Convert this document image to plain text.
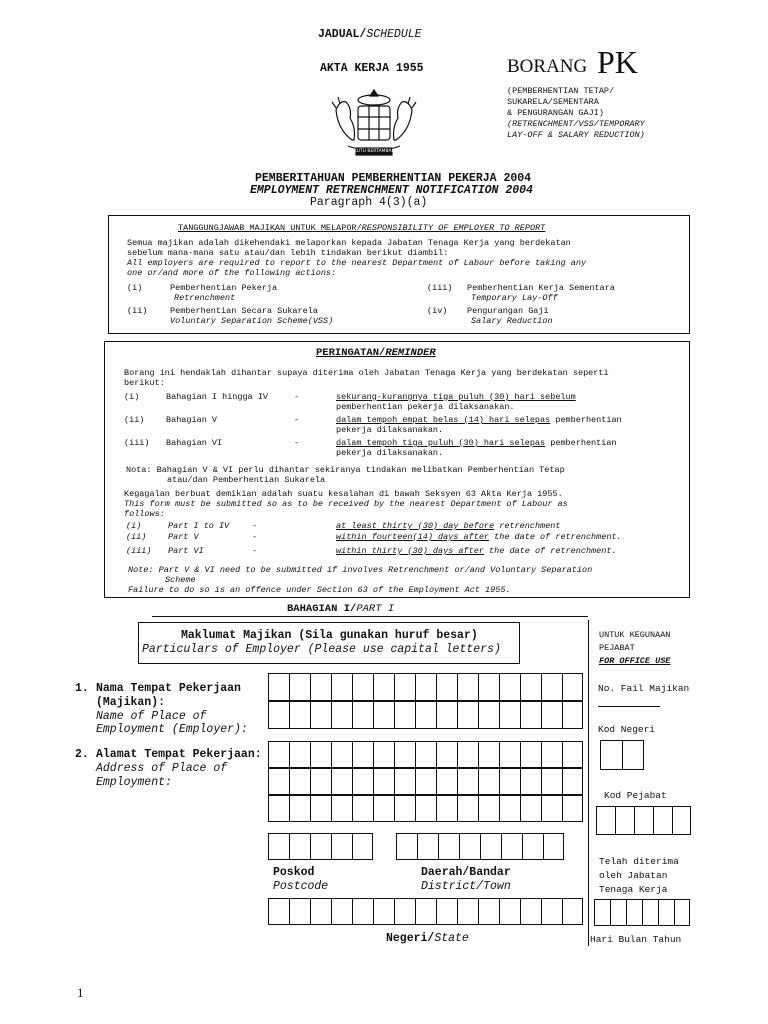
JADUAL/SCHEDULE
AKTA KERJA 1955	BORANG PK
(PEMBERHENTIAN TETAP/
SUKARELA/SEMENTARA
& PENGURANGAN GAJI)
(RETRENCHMENT/VSS/TEMPORARY
LAY-OFF & SALARY REDUCTION)
BERSEKUTU BERTAMBAH MUTU
PEMBERITAHUAN PEMBERHENTIAN PEKERJA 2004
EMPLOYMENT RETRENCHMENT NOTIFICATION 2004
Paragraph 4(3)(a)
TANGGUNGJAWAB MAJIKAN UNTUK MELAPOR/RESPONSIBILITY OF EMPLOYER TO REPORT
Semua majikan adalah dikehendaki melaporkan kepada Jabatan Tenaga Kerja yang berdekatan
sebelum mana-mana satu atau/dan lebih tindakan berikut diambil:
All employers are required to report to the nearest Department of Labour before taking any
one or/and more of the following actions:
(i)	Pemberhentian Pekerja
Retrenchment
(ii)	Pemberhentian Secara Sukarela
Voluntary Separation Scheme(VSS)
(iii) Pemberhentian Kerja Sementara
Temporary Lay-Off
(iv) Pengurangan Gaji
Salary Reduction
PERINGATAN/REMINDER
Borang ini hendaklah dihantar supaya diterima oleh Jabatan Tenaga Kerja yang berdekatan seperti
berikut:
(i)	Bahagian I hingga IV	-	sekurang-kurangnya tiga puluh (30) hari sebelum
pemberhentian pekerja dilaksanakan.
(ii)	Bahagian V	-	dalam tempoh empat belas (14) hari selepas pemberhentian
pekerja dilaksanakan.
(iii) Bahagian VI	-	dalam tempoh tiga puluh (30) hari selepas pemberhentian
pekerja dilaksanakan.
Nota: Bahagian V & VI perlu dihantar sekiranya tindakan melibatkan Pemberhentian Tetap
atau/dan Pemberhentian Sukarela
Kegagalan berbuat demikian adalah suatu kesalahan di bawah Seksyen 63 Akta Kerja 1955.
This form must be submitted so as to be received by the nearest Department of Labour as
follows:
(i)	Part I to IV	-	at least thirty (30) day before retrenchment
(ii)	Part V	-	within fourteen(14) days after the date of retrenchment.
(iii) Part VI	-	within thirty (30) days after the date of retrenchment.
Note: Part V & VI need to be submitted if involves Retrenchment or/and Voluntary Separation
Scheme
Failure to do so is an offence under Section 63 of the Employment Act 1955.
BAHAGIAN I/PART I
Maklumat Majikan (Sila gunakan huruf besar)
Particulars of Employer (Please use capital letters)
1. Nama Tempat Pekerjaan
(Majikan):
Name of Place of
Employment (Employer):
2. Alamat Tempat Pekerjaan:
Address of Place of
Employment:
Poskod
Postcode
Daerah/Bandar
District/Town
Negeri/State
UNTUK KEGUNAAN
PEJABAT
FOR OFFICE USE
No. Fail Majikan
Kod Negeri
Kod Pejabat
Telah diterima
oleh Jabatan
Tenaga Kerja
Hari Bulan Tahun
1
